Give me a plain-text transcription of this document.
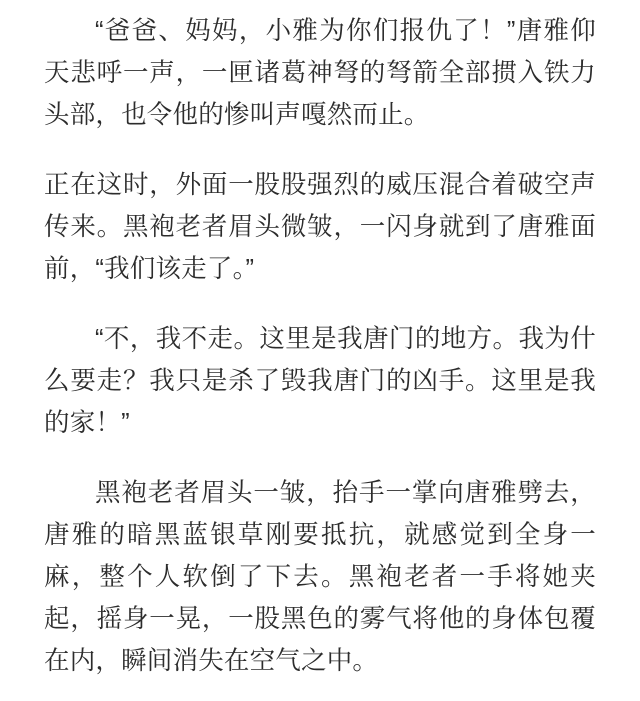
“爸爸、妈妈，小雅为你们报仇了！”唐雅仰天悲呼一声，一匣诸葛神弩的弩箭全部掼入铁力头部，也令他的惨叫声嘎然而止。

正在这时，外面一股股强烈的威压混合着破空声传来。黑袍老者眉头微皱，一闪身就到了唐雅面前，“我们该走了。”

“不，我不走。这里是我唐门的地方。我为什么要走？我只是杀了毁我唐门的凶手。这里是我的家！”

黑袍老者眉头一皱，抬手一掌向唐雅劈去，唐雅的暗黑蓝银草刚要抵抗，就感觉到全身一麻，整个人软倒了下去。黑袍老者一手将她夹起，摇身一晃，一股黑色的雾气将他的身体包覆在内，瞬间消失在空气之中。
